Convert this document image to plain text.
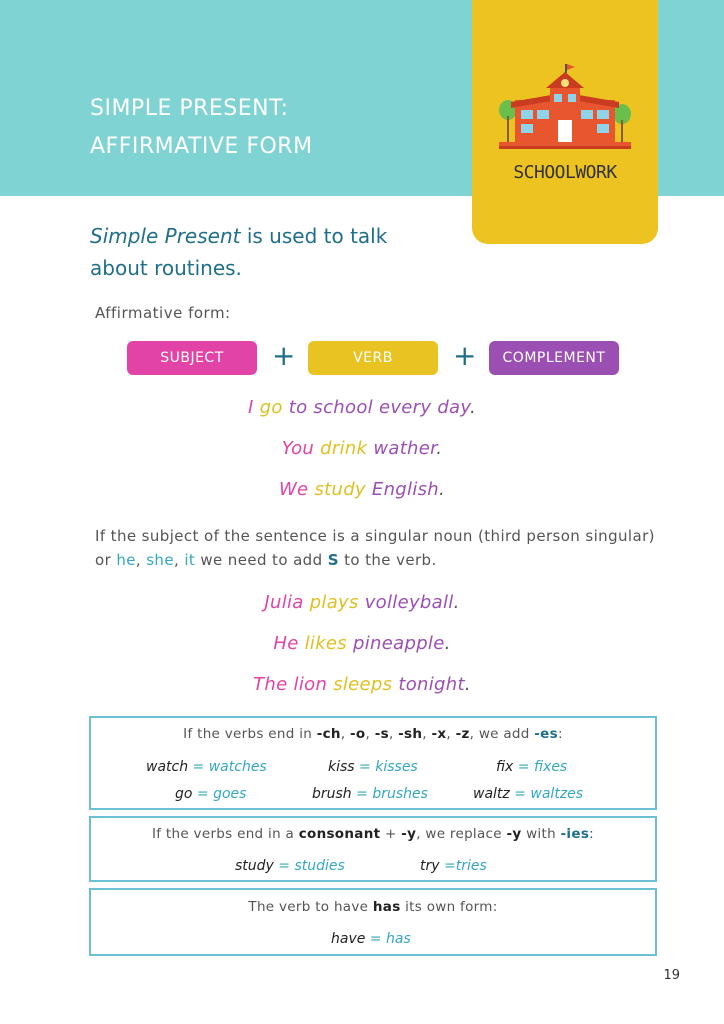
SIMPLE PRESENT:
AFFIRMATIVE FORM
SCHOOLWORK
Simple Present is used to talk
about routines.
Affirmative form:
SUBJECT	+	VERB	+	COMPLEMENT
I go to school every day.
You drink wather.
We study English.
If the subject of the sentence is a singular noun (third person singular) or he, she, it we need to add S to the verb.
Julia plays volleyball.
He likes pineapple.
The lion sleeps tonight.
If the verbs end in -ch, -o, -s, -sh, -x, -z, we add -es:
watch = watches	kiss = kisses	fix = fixes
go = goes	brush = brushes	waltz = waltzes
If the verbs end in a consonant + -y, we replace -y with -ies:
study = studies	try =tries
The verb to have has its own form:
have = has
19
